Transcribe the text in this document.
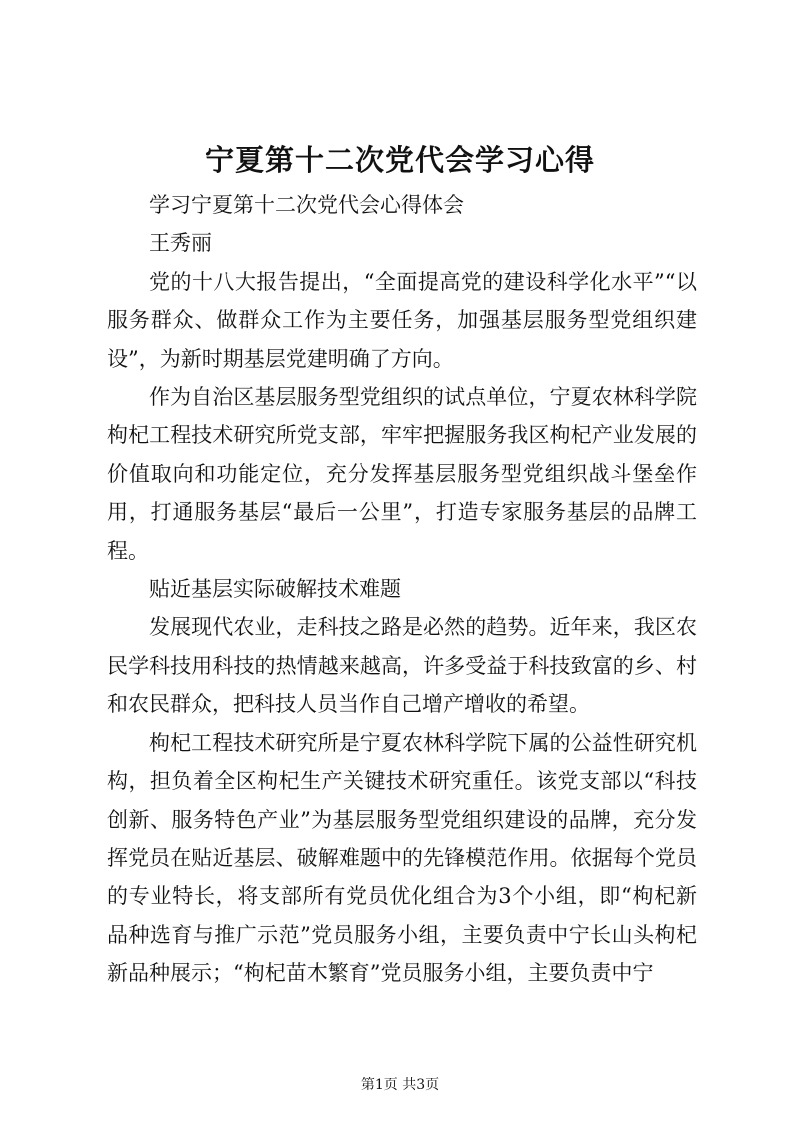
宁夏第十二次党代会学习心得

学习宁夏第十二次党代会心得体会

王秀丽

党的十八大报告提出，“全面提高党的建设科学化水平”“以服务群众、做群众工作为主要任务，加强基层服务型党组织建设”，为新时期基层党建明确了方向。

作为自治区基层服务型党组织的试点单位，宁夏农林科学院枸杞工程技术研究所党支部，牢牢把握服务我区枸杞产业发展的价值取向和功能定位，充分发挥基层服务型党组织战斗堡垒作用，打通服务基层“最后一公里”，打造专家服务基层的品牌工程。

贴近基层实际破解技术难题

发展现代农业，走科技之路是必然的趋势。近年来，我区农民学科技用科技的热情越来越高，许多受益于科技致富的乡、村和农民群众，把科技人员当作自己增产增收的希望。

枸杞工程技术研究所是宁夏农林科学院下属的公益性研究机构，担负着全区枸杞生产关键技术研究重任。该党支部以“科技创新、服务特色产业”为基层服务型党组织建设的品牌，充分发挥党员在贴近基层、破解难题中的先锋模范作用。依据每个党员的专业特长，将支部所有党员优化组合为3个小组，即“枸杞新品种选育与推广示范”党员服务小组，主要负责中宁长山头枸杞新品种展示；“枸杞苗木繁育”党员服务小组，主要负责中宁

第1页 共3页
